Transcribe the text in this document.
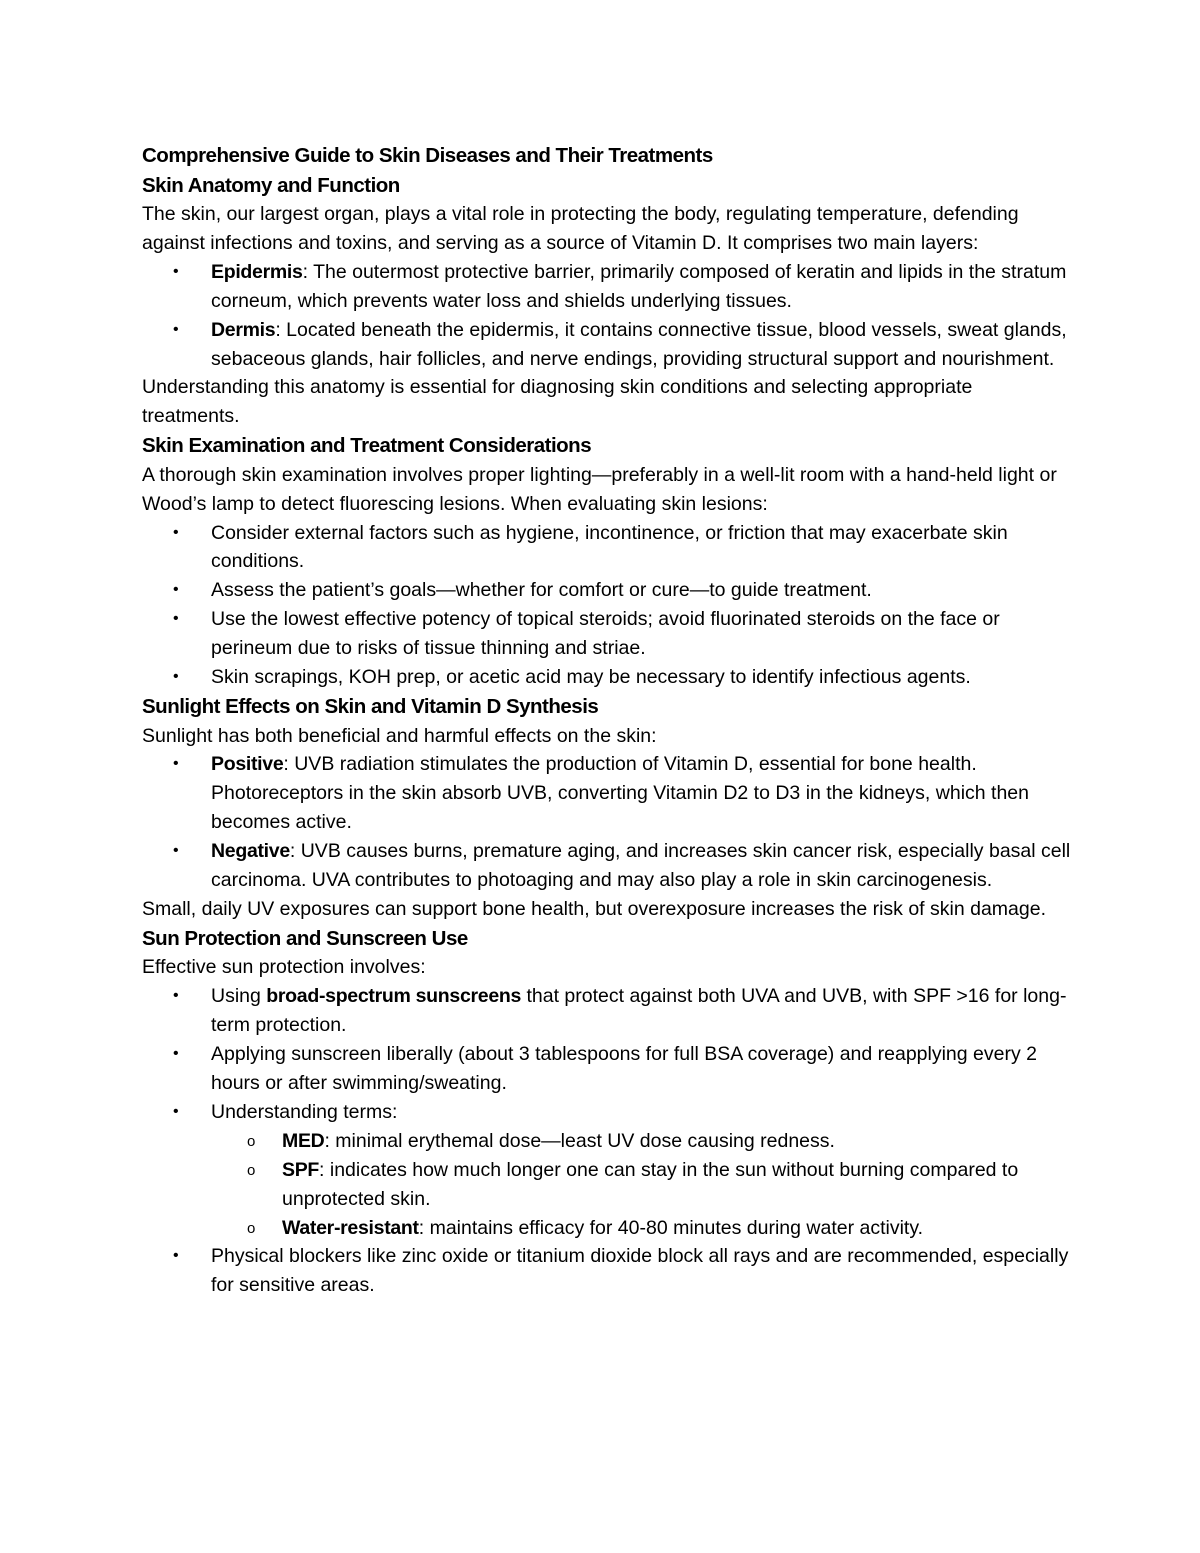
Comprehensive Guide to Skin Diseases and Their Treatments
Skin Anatomy and Function

The skin, our largest organ, plays a vital role in protecting the body, regulating temperature, defending against infections and toxins, and serving as a source of Vitamin D. It comprises two main layers:

• Epidermis: The outermost protective barrier, primarily composed of keratin and lipids in the stratum corneum, which prevents water loss and shields underlying tissues.
• Dermis: Located beneath the epidermis, it contains connective tissue, blood vessels, sweat glands, sebaceous glands, hair follicles, and nerve endings, providing structural support and nourishment.

Understanding this anatomy is essential for diagnosing skin conditions and selecting appropriate treatments.

Skin Examination and Treatment Considerations

A thorough skin examination involves proper lighting—preferably in a well-lit room with a hand-held light or Wood’s lamp to detect fluorescing lesions. When evaluating skin lesions:

• Consider external factors such as hygiene, incontinence, or friction that may exacerbate skin conditions.
• Assess the patient’s goals—whether for comfort or cure—to guide treatment.
• Use the lowest effective potency of topical steroids; avoid fluorinated steroids on the face or perineum due to risks of tissue thinning and striae.
• Skin scrapings, KOH prep, or acetic acid may be necessary to identify infectious agents.
Sunlight Effects on Skin and Vitamin D Synthesis

Sunlight has both beneficial and harmful effects on the skin:

• Positive: UVB radiation stimulates the production of Vitamin D, essential for bone health. Photoreceptors in the skin absorb UVB, converting Vitamin D2 to D3 in the kidneys, which then becomes active.
• Negative: UVB causes burns, premature aging, and increases skin cancer risk, especially basal cell carcinoma. UVA contributes to photoaging and may also play a role in skin carcinogenesis.

Small, daily UV exposures can support bone health, but overexposure increases the risk of skin damage.

Sun Protection and Sunscreen Use

Effective sun protection involves:

• Using broad-spectrum sunscreens that protect against both UVA and UVB, with SPF >16 for long-term protection.
• Applying sunscreen liberally (about 3 tablespoons for full BSA coverage) and reapplying every 2 hours or after swimming/sweating.
• Understanding terms:
o MED: minimal erythemal dose—least UV dose causing redness.
o SPF: indicates how much longer one can stay in the sun without burning compared to unprotected skin.
o Water-resistant: maintains efficacy for 40-80 minutes during water activity.
• Physical blockers like zinc oxide or titanium dioxide block all rays and are recommended, especially for sensitive areas.
